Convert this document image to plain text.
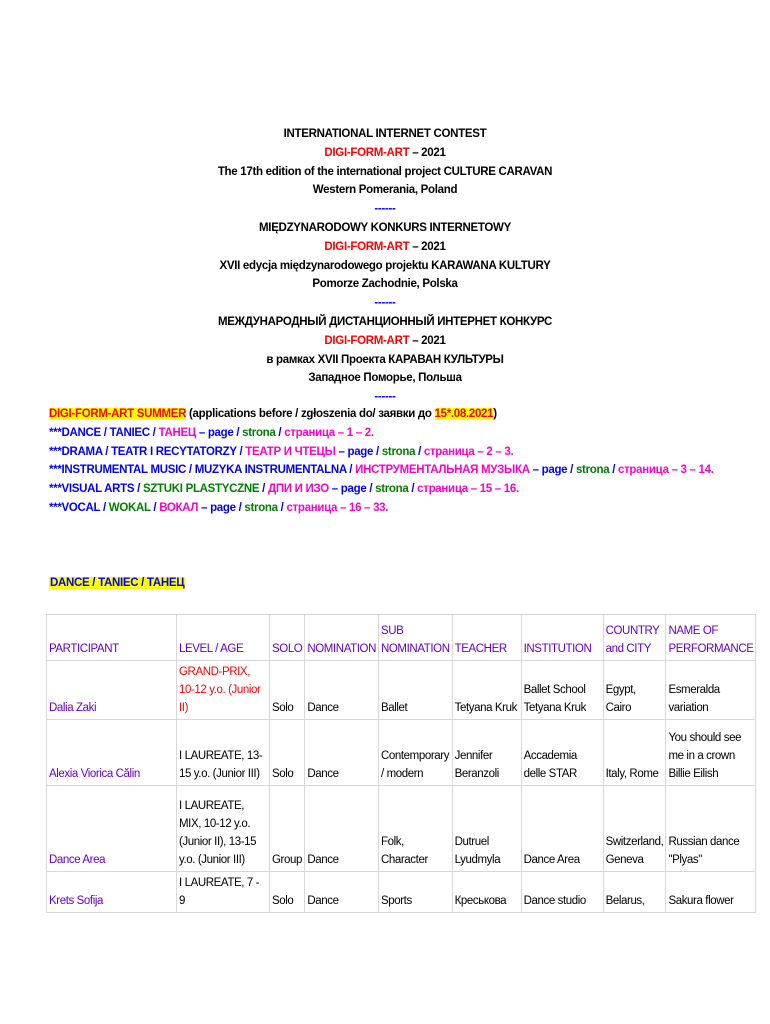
INTERNATIONAL INTERNET CONTEST
DIGI-FORM-ART – 2021
The 17th edition of the international project CULTURE CARAVAN
Western Pomerania, Poland
------
MIĘDZYNARODOWY KONKURS INTERNETOWY
DIGI-FORM-ART – 2021
XVII edycja międzynarodowego projektu KARAWANA KULTURY
Pomorze Zachodnie, Polska
------
МЕЖДУНАРОДНЫЙ ДИСТАНЦИОННЫЙ ИНТЕРНЕТ КОНКУРС
DIGI-FORM-ART – 2021
в рамках XVII Проекта КАРАВАН КУЛЬТУРЫ
Западное Поморье, Польша
------
DIGI-FORM-ART SUMMER (applications before / zgłoszenia do/ заявки до 15*.08.2021)
***DANCE / TANIEC / ТАНЕЦ – page / strona / страница – 1 – 2.
***DRAMA / TEATR I RECYTATORZY / ТЕАТР И ЧТЕЦЫ – page / strona / страница – 2 – 3.
***INSTRUMENTAL MUSIC / MUZYKA INSTRUMENTALNA / ИНСТРУМЕНТАЛЬНАЯ МУЗЫКА – page / strona / страница – 3 – 14.
***VISUAL ARTS / SZTUKI PLASTYCZNE / ДПИ И ИЗО – page / strona / страница – 15 – 16.
***VOCAL / WOKAL / ВОКАЛ – page / strona / страница – 16 – 33.
DANCE / TANIEC / ТАНЕЦ
PARTICIPANT	LEVEL / AGE	SOLO	NOMINATION	SUB NOMINATION	TEACHER	INSTITUTION	COUNTRY and CITY	NAME OF PERFORMANCE
Dalia Zaki	GRAND-PRIX, 10-12 y.o. (Junior II)	Solo	Dance	Ballet	Tetyana Kruk	Ballet School Tetyana Kruk	Egypt, Cairo	Esmeralda variation
Alexia Viorica Călin	I LAUREATE, 13-15 y.o. (Junior III)	Solo	Dance	Contemporary / modern	Jennifer Beranzoli	Accademia delle STAR	Italy, Rome	You should see me in a crown Billie Eilish
Dance Area	I LAUREATE, MIX, 10-12 y.o. (Junior II), 13-15 y.o. (Junior III)	Group	Dance	Folk, Character	Dutruel Lyudmyla	Dance Area	Switzerland, Geneva	Russian dance "Plyas"
Krets Sofija	I LAUREATE, 7 - 9	Solo	Dance	Sports	Креськова	Dance studio	Belarus,	Sakura flower
